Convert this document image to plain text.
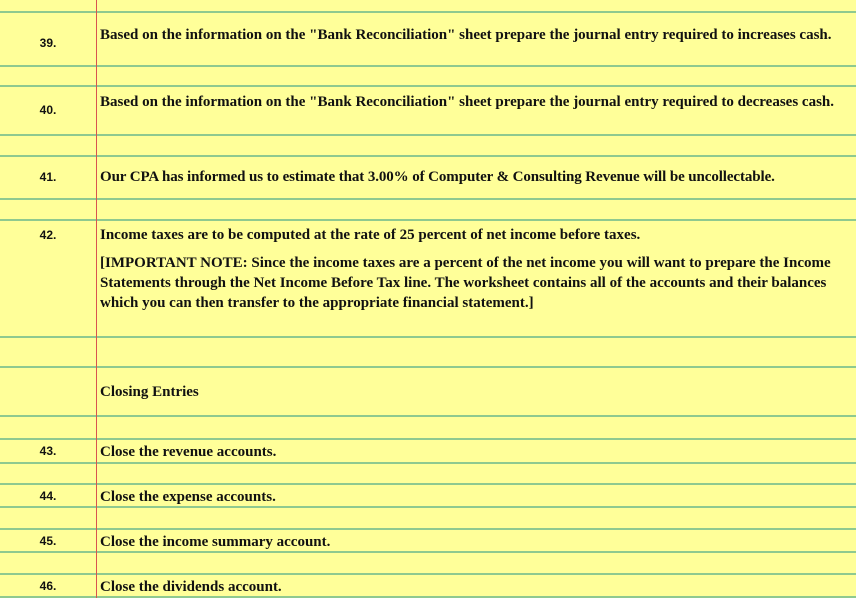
39.	Based on the information on the "Bank Reconciliation" sheet prepare the journal entry required to increases cash.

40.	Based on the information on the "Bank Reconciliation" sheet prepare the journal entry required to decreases cash.

41.	Our CPA has informed us to estimate that 3.00% of Computer & Consulting Revenue will be uncollectable.

42.	Income taxes are to be computed at the rate of 25 percent of net income before taxes.

[IMPORTANT NOTE: Since the income taxes are a percent of the net income you will want to prepare the Income Statements through the Net Income Before Tax line. The worksheet contains all of the accounts and their balances which you can then transfer to the appropriate financial statement.]

Closing Entries

43.	Close the revenue accounts.

44.	Close the expense accounts.

45.	Close the income summary account.

46.	Close the dividends account.
